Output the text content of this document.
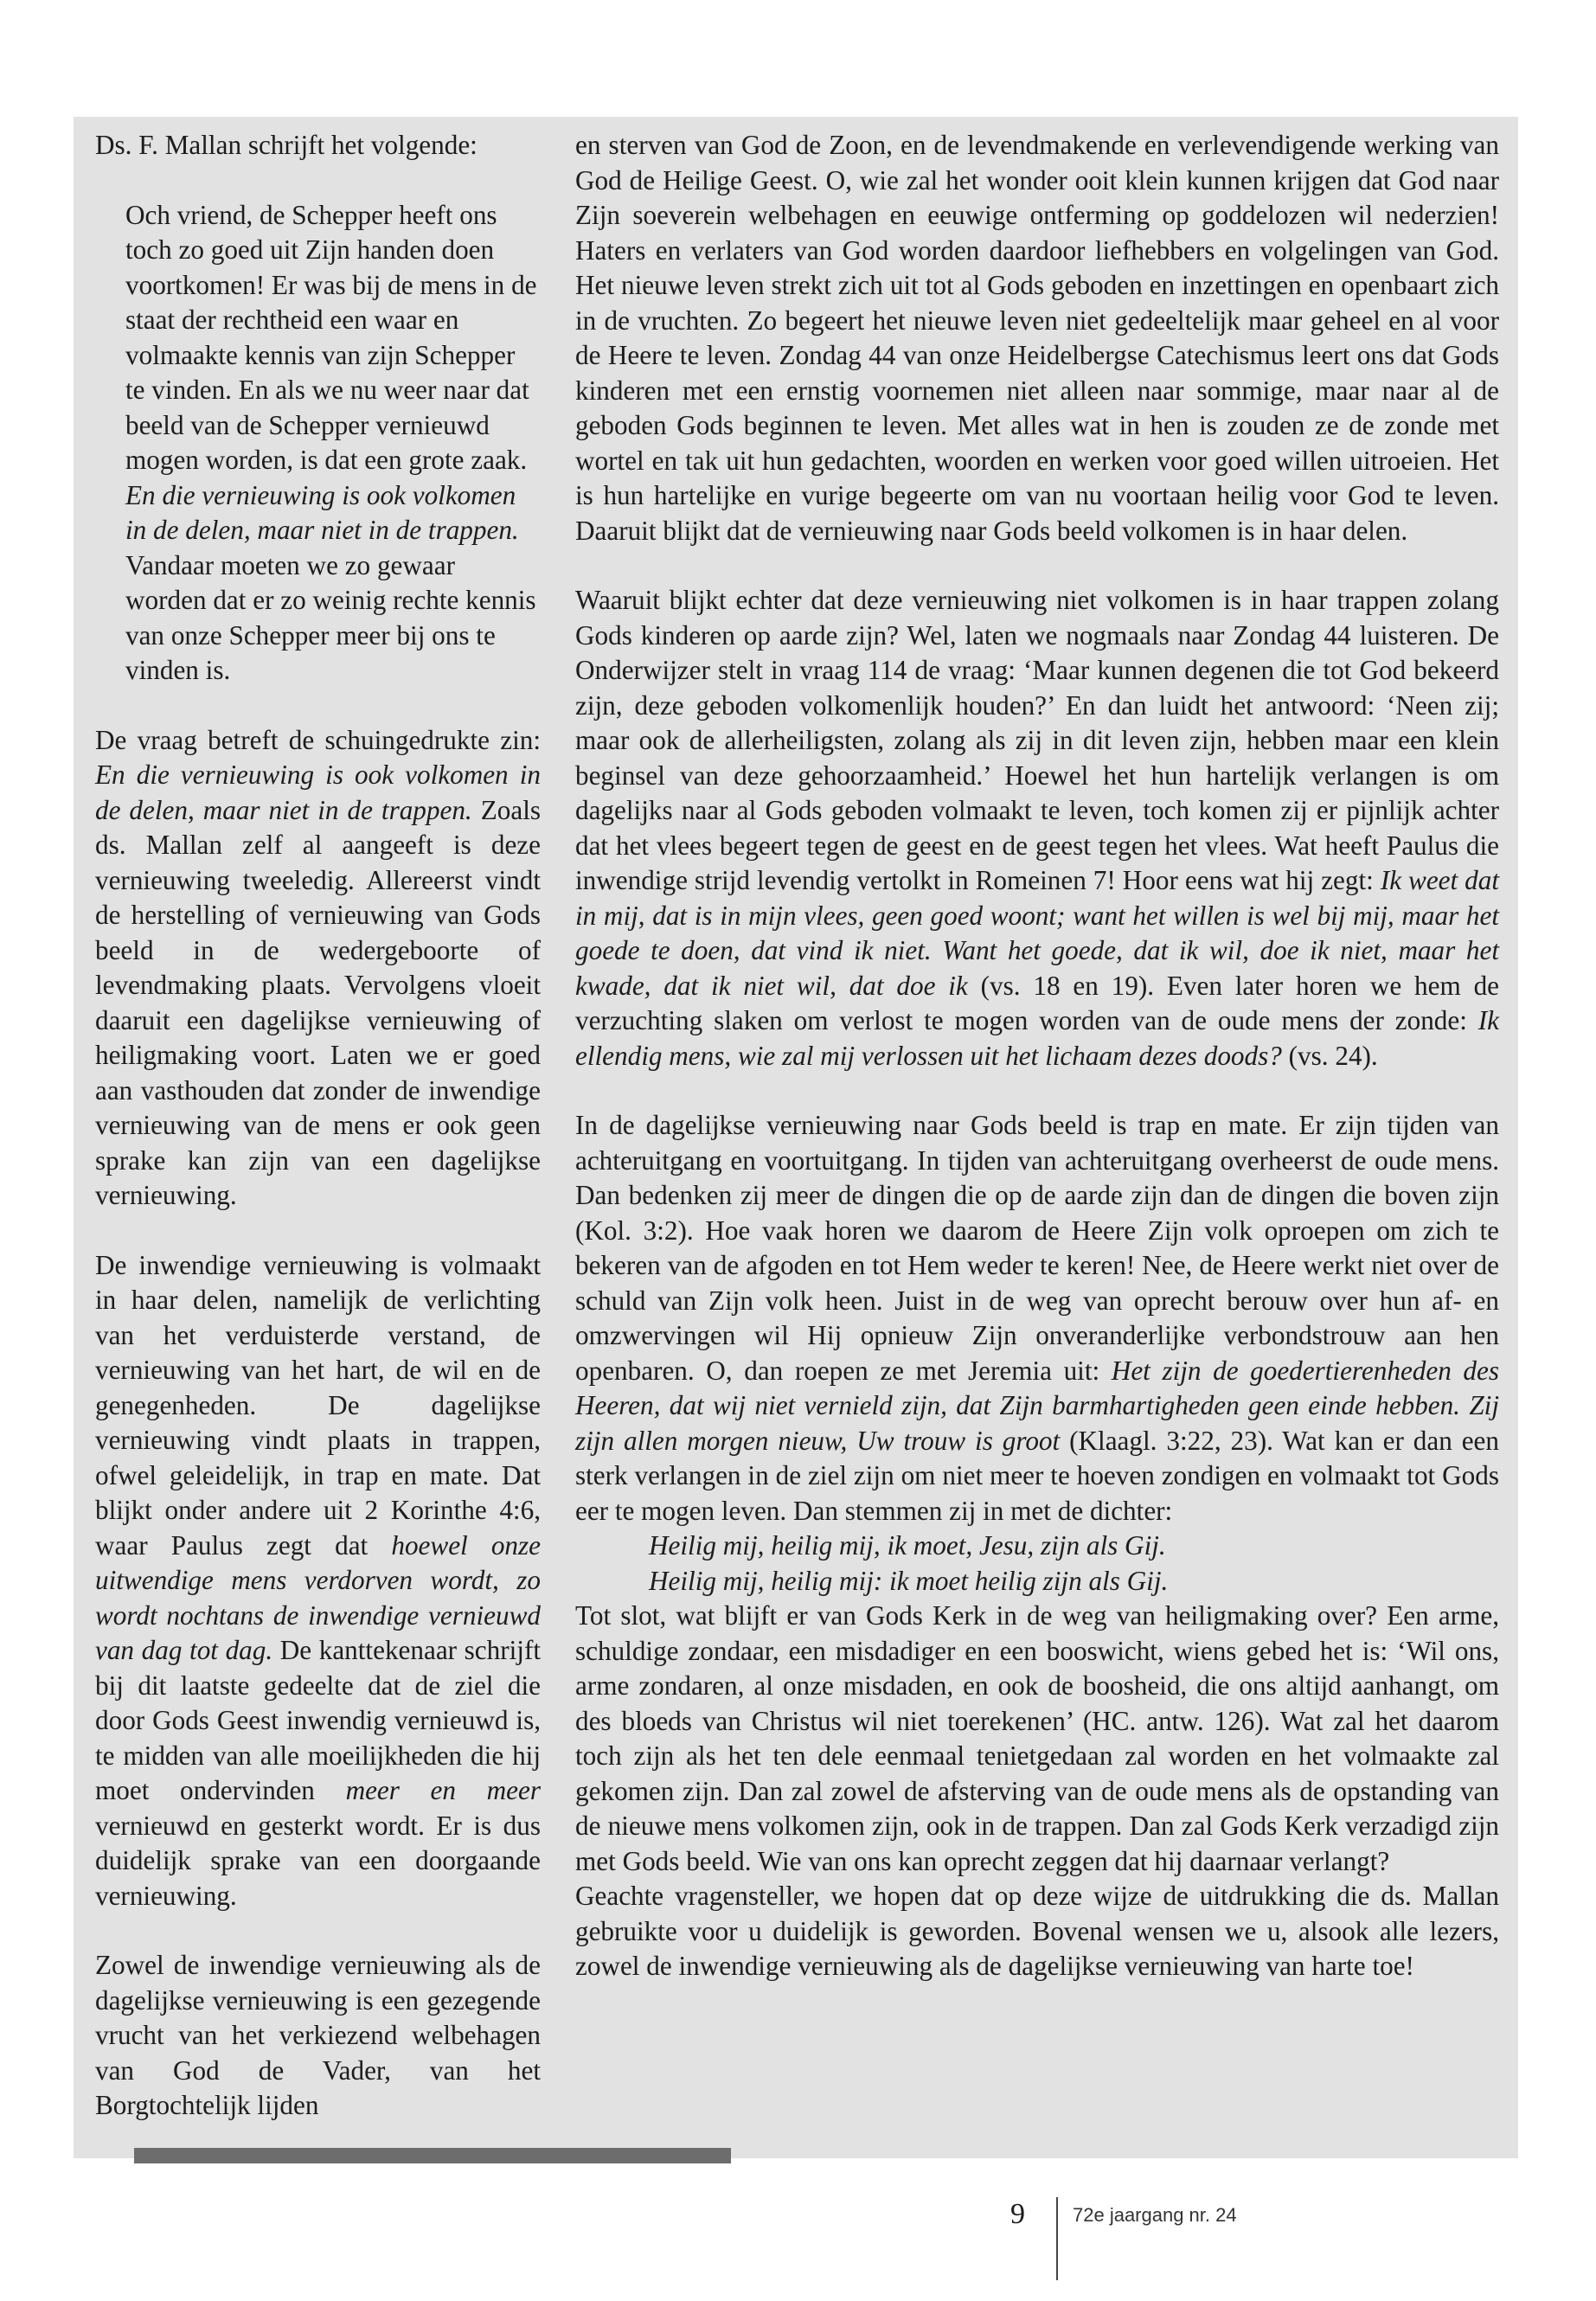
Ds. F. Mallan schrijft het volgende:

Och vriend, de Schepper heeft ons toch zo goed uit Zijn handen doen voortkomen! Er was bij de mens in de staat der rechtheid een waar en volmaakte kennis van zijn Schepper te vinden. En als we nu weer naar dat beeld van de Schepper vernieuwd mogen worden, is dat een grote zaak. En die vernieuwing is ook volkomen in de delen, maar niet in de trappen. Vandaar moeten we zo gewaar worden dat er zo weinig rechte kennis van onze Schepper meer bij ons te vinden is.

De vraag betreft de schuingedrukte zin: En die vernieuwing is ook volkomen in de delen, maar niet in de trappen. Zoals ds. Mallan zelf al aangeeft is deze vernieuwing tweeledig. Allereerst vindt de herstelling of vernieuwing van Gods beeld in de wedergeboorte of levendmaking plaats. Vervolgens vloeit daaruit een dagelijkse vernieuwing of heiligmaking voort. Laten we er goed aan vasthouden dat zonder de inwendige vernieuwing van de mens er ook geen sprake kan zijn van een dagelijkse vernieuwing.

De inwendige vernieuwing is volmaakt in haar delen, namelijk de verlichting van het verduisterde verstand, de vernieuwing van het hart, de wil en de genegenheden. De dagelijkse vernieuwing vindt plaats in trappen, ofwel geleidelijk, in trap en mate. Dat blijkt onder andere uit 2 Korinthe 4:6, waar Paulus zegt dat hoewel onze uitwendige mens verdorven wordt, zo wordt nochtans de inwendige vernieuwd van dag tot dag. De kanttekenaar schrijft bij dit laatste gedeelte dat de ziel die door Gods Geest inwendig vernieuwd is, te midden van alle moeilijkheden die hij moet ondervinden meer en meer vernieuwd en gesterkt wordt. Er is dus duidelijk sprake van een doorgaande vernieuwing.

Zowel de inwendige vernieuwing als de dagelijkse vernieuwing is een gezegende vrucht van het verkiezend welbehagen van God de Vader, van het Borgtochtelijk lijden

en sterven van God de Zoon, en de levendmakende en verlevendigende werking van God de Heilige Geest. O, wie zal het wonder ooit klein kunnen krijgen dat God naar Zijn soeverein welbehagen en eeuwige ontferming op goddelozen wil nederzien! Haters en verlaters van God worden daardoor liefhebbers en volgelingen van God. Het nieuwe leven strekt zich uit tot al Gods geboden en inzettingen en openbaart zich in de vruchten. Zo begeert het nieuwe leven niet gedeeltelijk maar geheel en al voor de Heere te leven. Zondag 44 van onze Heidelbergse Catechismus leert ons dat Gods kinderen met een ernstig voornemen niet alleen naar sommige, maar naar al de geboden Gods beginnen te leven. Met alles wat in hen is zouden ze de zonde met wortel en tak uit hun gedachten, woorden en werken voor goed willen uitroeien. Het is hun hartelijke en vurige begeerte om van nu voortaan heilig voor God te leven. Daaruit blijkt dat de vernieuwing naar Gods beeld volkomen is in haar delen.

Waaruit blijkt echter dat deze vernieuwing niet volkomen is in haar trappen zolang Gods kinderen op aarde zijn? Wel, laten we nogmaals naar Zondag 44 luisteren. De Onderwijzer stelt in vraag 114 de vraag: ‘Maar kunnen degenen die tot God bekeerd zijn, deze geboden volkomenlijk houden?’ En dan luidt het antwoord: ‘Neen zij; maar ook de allerheiligsten, zolang als zij in dit leven zijn, hebben maar een klein beginsel van deze gehoorzaamheid.’ Hoewel het hun hartelijk verlangen is om dagelijks naar al Gods geboden volmaakt te leven, toch komen zij er pijnlijk achter dat het vlees begeert tegen de geest en de geest tegen het vlees. Wat heeft Paulus die inwendige strijd levendig vertolkt in Romeinen 7! Hoor eens wat hij zegt: Ik weet dat in mij, dat is in mijn vlees, geen goed woont; want het willen is wel bij mij, maar het goede te doen, dat vind ik niet. Want het goede, dat ik wil, doe ik niet, maar het kwade, dat ik niet wil, dat doe ik (vs. 18 en 19). Even later horen we hem de verzuchting slaken om verlost te mogen worden van de oude mens der zonde: Ik ellendig mens, wie zal mij verlossen uit het lichaam dezes doods? (vs. 24).

In de dagelijkse vernieuwing naar Gods beeld is trap en mate. Er zijn tijden van achteruitgang en voortuitgang. In tijden van achteruitgang overheerst de oude mens. Dan bedenken zij meer de dingen die op de aarde zijn dan de dingen die boven zijn (Kol. 3:2). Hoe vaak horen we daarom de Heere Zijn volk oproepen om zich te bekeren van de afgoden en tot Hem weder te keren! Nee, de Heere werkt niet over de schuld van Zijn volk heen. Juist in de weg van oprecht berouw over hun af- en omzwervingen wil Hij opnieuw Zijn onveranderlijke verbondstrouw aan hen openbaren. O, dan roepen ze met Jeremia uit: Het zijn de goedertierenheden des Heeren, dat wij niet vernield zijn, dat Zijn barmhartigheden geen einde hebben. Zij zijn allen morgen nieuw, Uw trouw is groot (Klaagl. 3:22, 23). Wat kan er dan een sterk verlangen in de ziel zijn om niet meer te hoeven zondigen en volmaakt tot Gods eer te mogen leven. Dan stemmen zij in met de dichter:
Heilig mij, heilig mij, ik moet, Jesu, zijn als Gij.
Heilig mij, heilig mij: ik moet heilig zijn als Gij.

Tot slot, wat blijft er van Gods Kerk in de weg van heiligmaking over? Een arme, schuldige zondaar, een misdadiger en een booswicht, wiens gebed het is: ‘Wil ons, arme zondaren, al onze misdaden, en ook de boosheid, die ons altijd aanhangt, om des bloeds van Christus wil niet toerekenen’ (HC. antw. 126). Wat zal het daarom toch zijn als het ten dele eenmaal tenietgedaan zal worden en het volmaakte zal gekomen zijn. Dan zal zowel de afsterving van de oude mens als de opstanding van de nieuwe mens volkomen zijn, ook in de trappen. Dan zal Gods Kerk verzadigd zijn met Gods beeld. Wie van ons kan oprecht zeggen dat hij daarnaar verlangt?

Geachte vragensteller, we hopen dat op deze wijze de uitdrukking die ds. Mallan gebruikte voor u duidelijk is geworden. Bovenal wensen we u, alsook alle lezers, zowel de inwendige vernieuwing als de dagelijkse vernieuwing van harte toe!

9	72e jaargang nr. 24
